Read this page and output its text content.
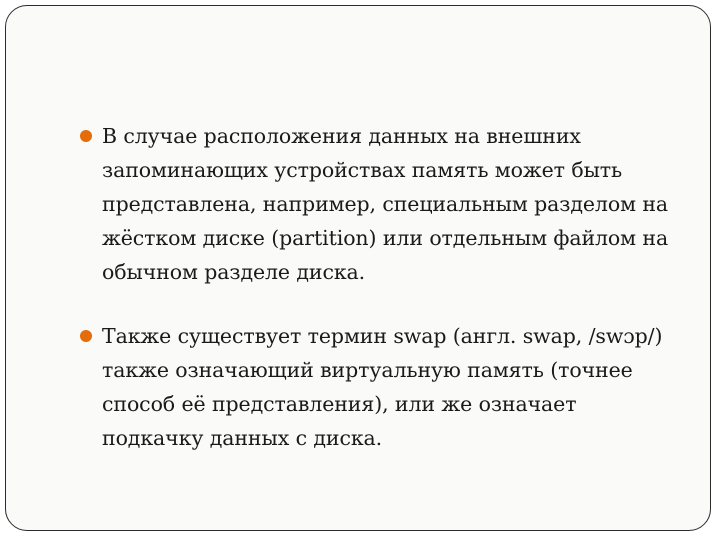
В случае расположения данных на внешних запоминающих устройствах память может быть представлена, например, специальным разделом на жёстком диске (partition) или отдельным файлом на обычном разделе диска.
Также существует термин swap (англ. swap, /swɔp/) также означающий виртуальную память (точнее способ её представления), или же означает подкачку данных с диска.
